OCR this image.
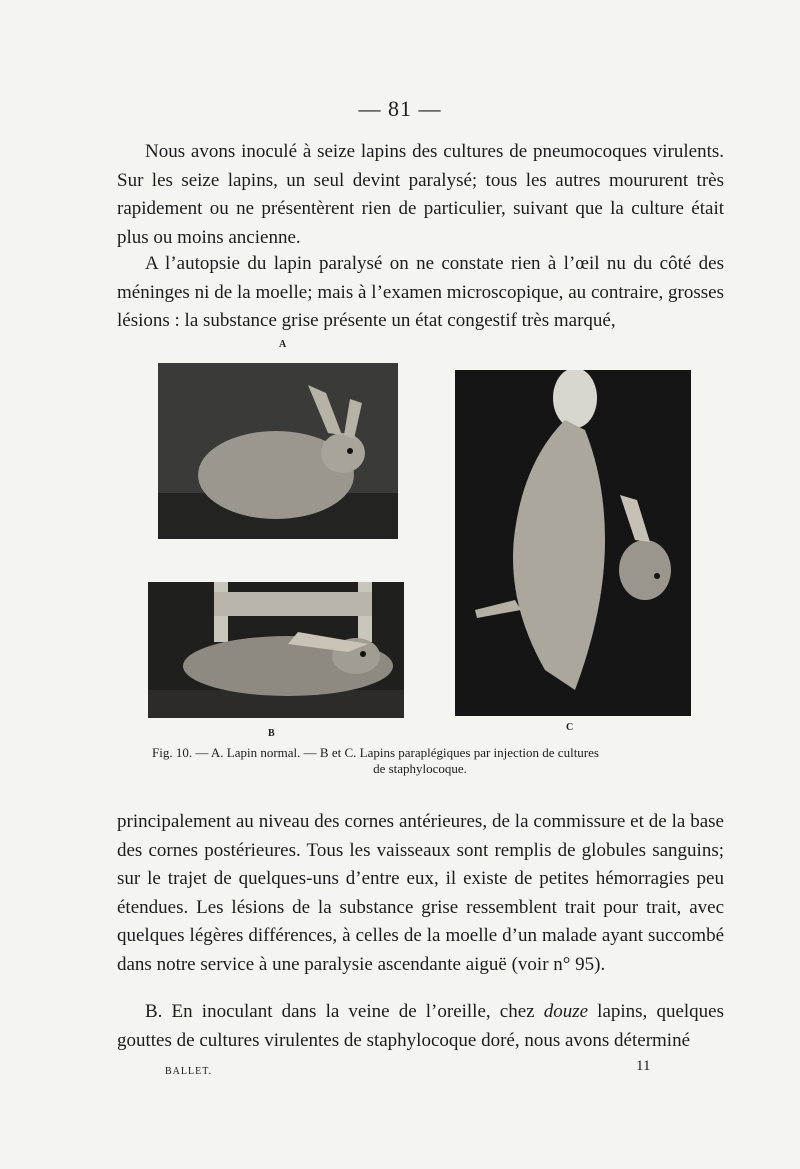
— 81 —

Nous avons inoculé à seize lapins des cultures de pneumocoques virulents. Sur les seize lapins, un seul devint paralysé; tous les autres moururent très rapidement ou ne présentèrent rien de particulier, suivant que la culture était plus ou moins ancienne.

A l’autopsie du lapin paralysé on ne constate rien à l’œil nu du côté des méninges ni de la moelle; mais à l’examen microscopique, au contraire, grosses lésions : la substance grise présente un état congestif très marqué,

A
B
C
Fig. 10. — A. Lapin normal. — B et C. Lapins paraplégiques par injection de cultures
de staphylocoque.

principalement au niveau des cornes antérieures, de la commissure et de la base des cornes postérieures. Tous les vaisseaux sont remplis de globules sanguins; sur le trajet de quelques-uns d’entre eux, il existe de petites hémorragies peu étendues. Les lésions de la substance grise ressemblent trait pour trait, avec quelques légères différences, à celles de la moelle d’un malade ayant succombé dans notre service à une paralysie ascendante aiguë (voir n° 95).

B. En inoculant dans la veine de l’oreille, chez douze lapins, quelques gouttes de cultures virulentes de staphylocoque doré, nous avons déterminé

BALLET.	11
